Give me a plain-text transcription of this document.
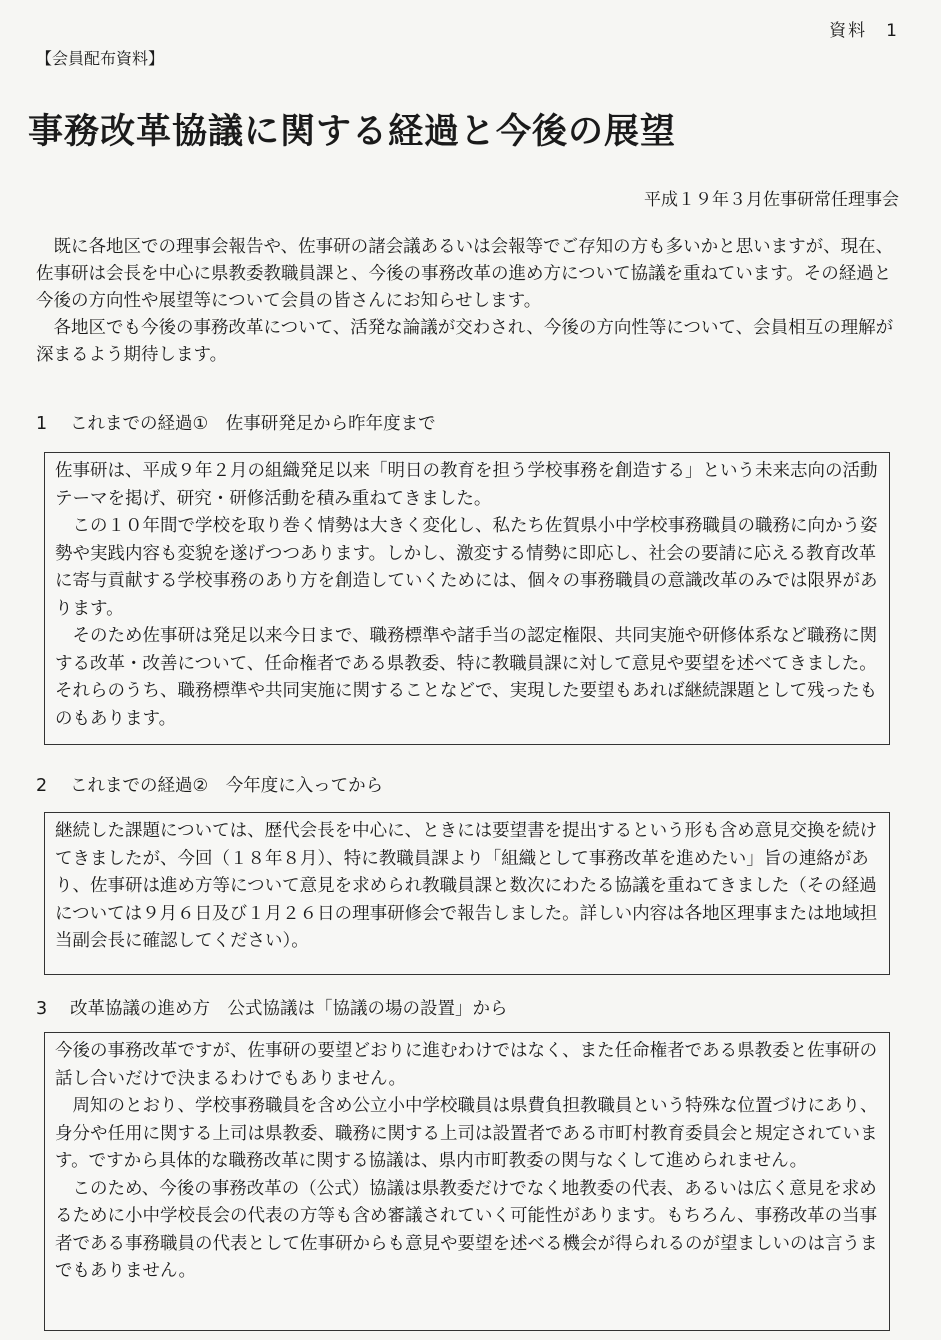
資料　1
【会員配布資料】
事務改革協議に関する経過と今後の展望
平成１９年３月佐事研常任理事会

既に各地区での理事会報告や、佐事研の諸会議あるいは会報等でご存知の方も多いかと思いますが、現在、佐事研は会長を中心に県教委教職員課と、今後の事務改革の進め方について協議を重ねています。その経過と今後の方向性や展望等について会員の皆さんにお知らせします。

各地区でも今後の事務改革について、活発な論議が交わされ、今後の方向性等について、会員相互の理解が深まるよう期待します。

1 これまでの経過①　佐事研発足から昨年度まで

佐事研は、平成９年２月の組織発足以来「明日の教育を担う学校事務を創造する」という未来志向の活動テーマを掲げ、研究・研修活動を積み重ねてきました。

この１０年間で学校を取り巻く情勢は大きく変化し、私たち佐賀県小中学校事務職員の職務に向かう姿勢や実践内容も変貌を遂げつつあります。しかし、激変する情勢に即応し、社会の要請に応える教育改革に寄与貢献する学校事務のあり方を創造していくためには、個々の事務職員の意識改革のみでは限界があります。

そのため佐事研は発足以来今日まで、職務標準や諸手当の認定権限、共同実施や研修体系など職務に関する改革・改善について、任命権者である県教委、特に教職員課に対して意見や要望を述べてきました。それらのうち、職務標準や共同実施に関することなどで、実現した要望もあれば継続課題として残ったものもあります。

2 これまでの経過②　今年度に入ってから

継続した課題については、歴代会長を中心に、ときには要望書を提出するという形も含め意見交換を続けてきましたが、今回（１８年８月）、特に教職員課より「組織として事務改革を進めたい」旨の連絡があり、佐事研は進め方等について意見を求められ教職員課と数次にわたる協議を重ねてきました（その経過については９月６日及び１月２６日の理事研修会で報告しました。詳しい内容は各地区理事または地域担当副会長に確認してください）。

3 改革協議の進め方　公式協議は「協議の場の設置」から

今後の事務改革ですが、佐事研の要望どおりに進むわけではなく、また任命権者である県教委と佐事研の話し合いだけで決まるわけでもありません。

周知のとおり、学校事務職員を含め公立小中学校職員は県費負担教職員という特殊な位置づけにあり、身分や任用に関する上司は県教委、職務に関する上司は設置者である市町村教育委員会と規定されています。ですから具体的な職務改革に関する協議は、県内市町教委の関与なくして進められません。

このため、今後の事務改革の（公式）協議は県教委だけでなく地教委の代表、あるいは広く意見を求めるために小中学校長会の代表の方等も含め審議されていく可能性があります。もちろん、事務改革の当事者である事務職員の代表として佐事研からも意見や要望を述べる機会が得られるのが望ましいのは言うまでもありません。
